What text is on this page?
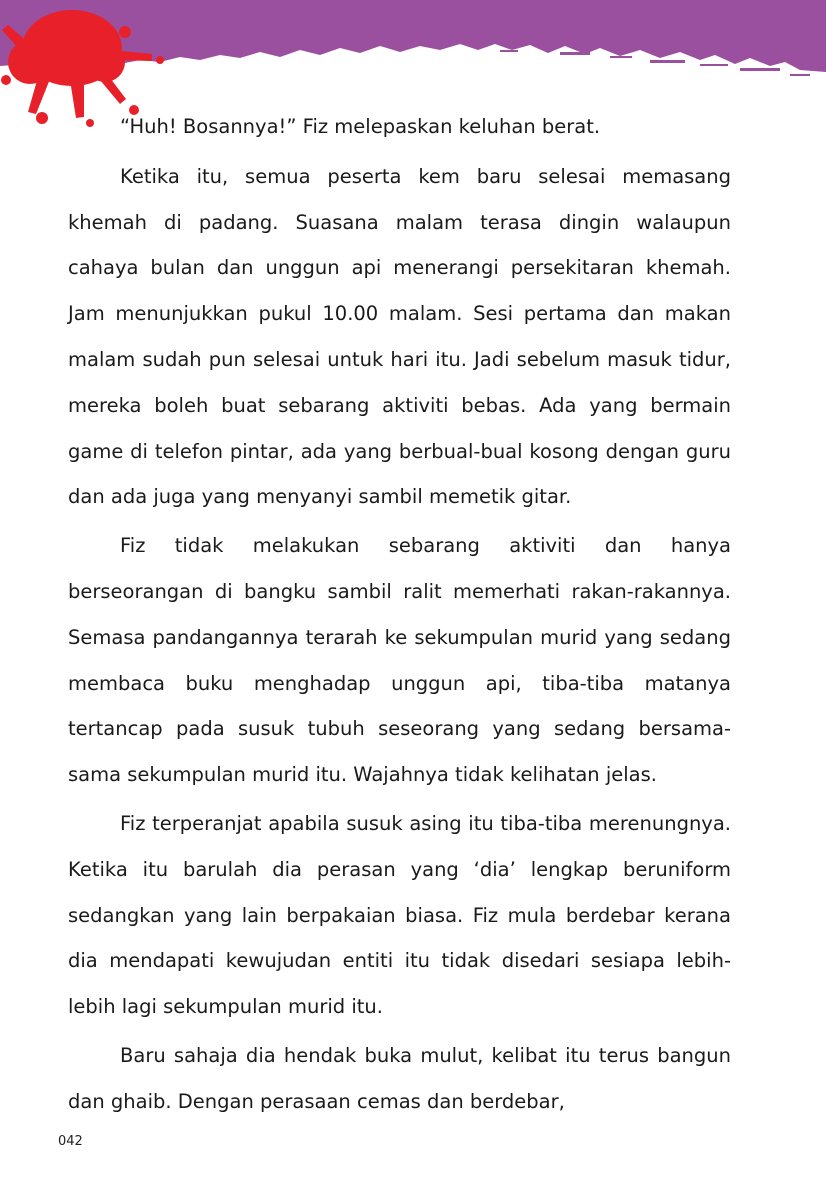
“Huh! Bosannya!” Fiz melepaskan keluhan berat.

Ketika itu, semua peserta kem baru selesai memasang khemah di padang. Suasana malam terasa dingin walaupun cahaya bulan dan unggun api menerangi persekitaran khemah. Jam menunjukkan pukul 10.00 malam. Sesi pertama dan makan malam sudah pun selesai untuk hari itu. Jadi sebelum masuk tidur, mereka boleh buat sebarang aktiviti bebas. Ada yang bermain game di telefon pintar, ada yang berbual-bual kosong dengan guru dan ada juga yang menyanyi sambil memetik gitar.

Fiz tidak melakukan sebarang aktiviti dan hanya berseorangan di bangku sambil ralit memerhati rakan-rakannya. Semasa pandangannya terarah ke sekumpulan murid yang sedang membaca buku menghadap unggun api, tiba-tiba matanya tertancap pada susuk tubuh seseorang yang sedang bersama-sama sekumpulan murid itu. Wajahnya tidak kelihatan jelas.

Fiz terperanjat apabila susuk asing itu tiba-tiba merenungnya. Ketika itu barulah dia perasan yang ‘dia’ lengkap beruniform sedangkan yang lain berpakaian biasa. Fiz mula berdebar kerana dia mendapati kewujudan entiti itu tidak disedari sesiapa lebih-lebih lagi sekumpulan murid itu.

Baru sahaja dia hendak buka mulut, kelibat itu terus bangun dan ghaib. Dengan perasaan cemas dan berdebar,

042
